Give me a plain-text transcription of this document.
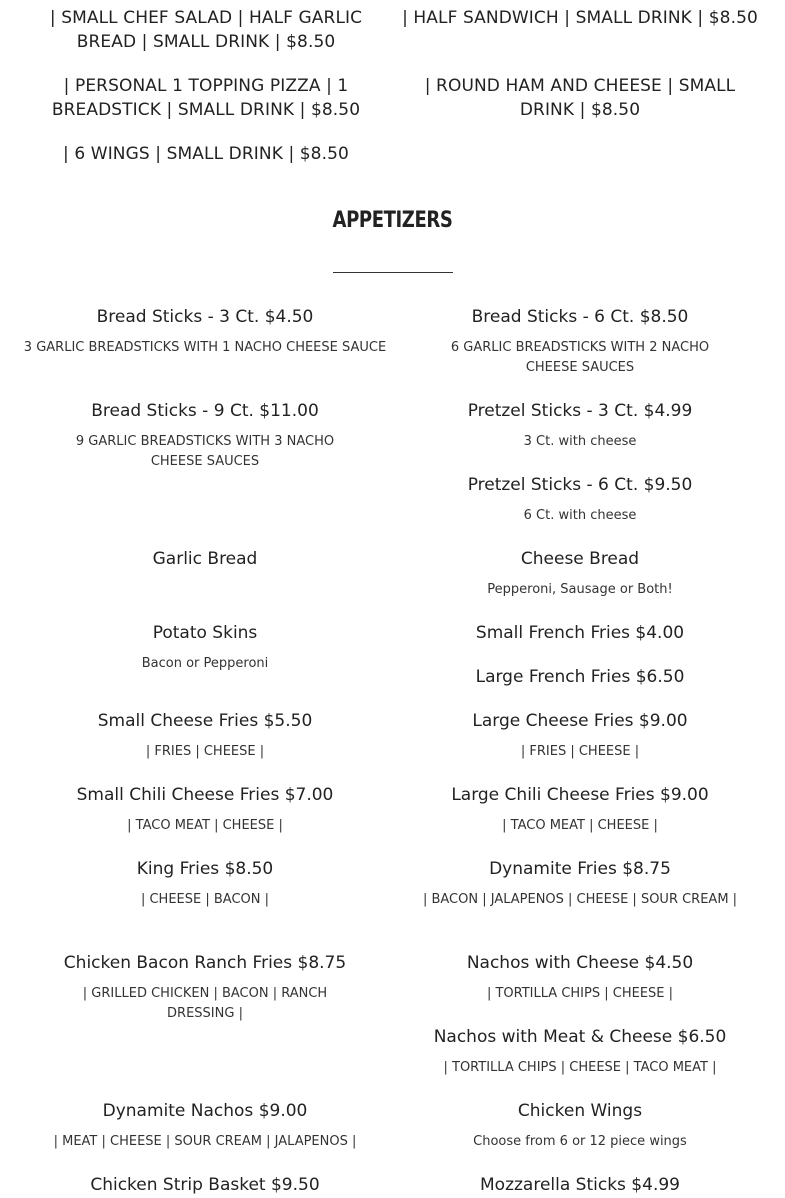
| SMALL CHEF SALAD | HALF GARLIC BREAD | SMALL DRINK | $8.50
| HALF SANDWICH | SMALL DRINK | $8.50
| PERSONAL 1 TOPPING PIZZA | 1 BREADSTICK | SMALL DRINK | $8.50
| ROUND HAM AND CHEESE | SMALL DRINK | $8.50
| 6 WINGS | SMALL DRINK | $8.50
APPETIZERS
Bread Sticks - 3 Ct. $4.50
3 GARLIC BREADSTICKS WITH 1 NACHO CHEESE SAUCE
Bread Sticks - 6 Ct. $8.50
6 GARLIC BREADSTICKS WITH 2 NACHO CHEESE SAUCES
Bread Sticks - 9 Ct. $11.00
9 GARLIC BREADSTICKS WITH 3 NACHO CHEESE SAUCES
Pretzel Sticks - 3 Ct. $4.99
3 Ct. with cheese
Pretzel Sticks - 6 Ct. $9.50
6 Ct. with cheese
Garlic Bread	Cheese Bread
Pepperoni, Sausage or Both!
Potato Skins
Bacon or Pepperoni
Small French Fries $4.00
Large French Fries $6.50
Small Cheese Fries $5.50
| FRIES | CHEESE |
Large Cheese Fries $9.00
| FRIES | CHEESE |
Small Chili Cheese Fries $7.00
| TACO MEAT | CHEESE |
Large Chili Cheese Fries $9.00
| TACO MEAT | CHEESE |
King Fries $8.50
| CHEESE | BACON |
Dynamite Fries $8.75
| BACON | JALAPENOS | CHEESE | SOUR CREAM |
Chicken Bacon Ranch Fries $8.75
| GRILLED CHICKEN | BACON | RANCH DRESSING |
Nachos with Cheese $4.50
| TORTILLA CHIPS | CHEESE |
Nachos with Meat & Cheese $6.50
| TORTILLA CHIPS | CHEESE | TACO MEAT |
Dynamite Nachos $9.00
| MEAT | CHEESE | SOUR CREAM | JALAPENOS |
Chicken Wings
Choose from 6 or 12 piece wings
Chicken Strip Basket $9.50	Mozzarella Sticks $4.99
